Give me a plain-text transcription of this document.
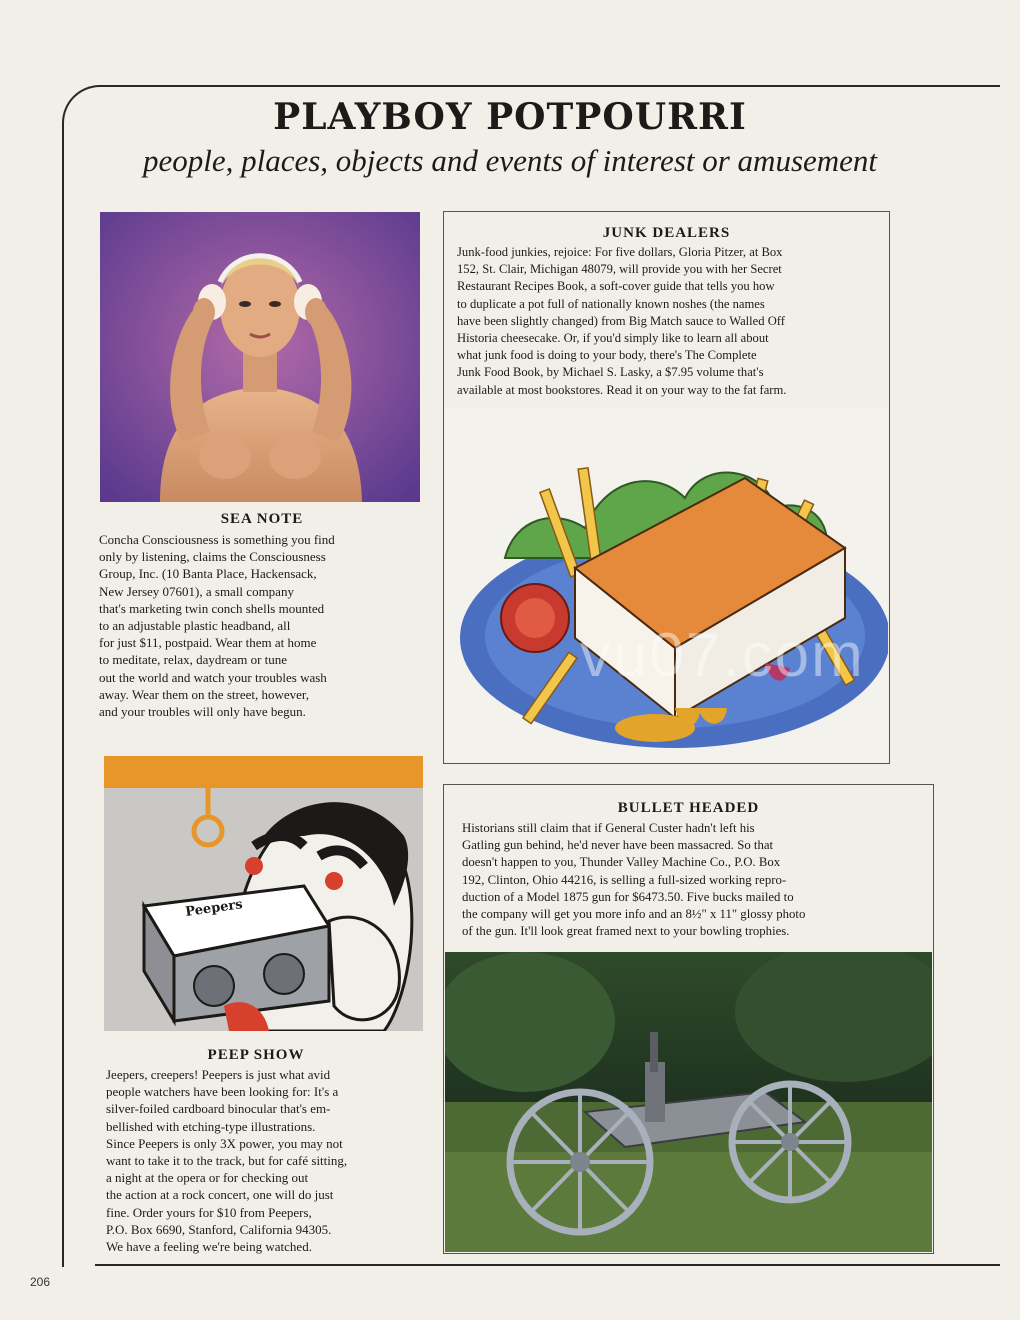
PLAYBOY POTPOURRI
people, places, objects and events of interest or amusement
SEA NOTE
Concha Consciousness is something you find
only by listening, claims the Consciousness
Group, Inc. (10 Banta Place, Hackensack,
New Jersey 07601), a small company
that's marketing twin conch shells mounted
to an adjustable plastic headband, all
for just $11, postpaid. Wear them at home
to meditate, relax, daydream or tune
out the world and watch your troubles wash
away. Wear them on the street, however,
and your troubles will only have begun.
JUNK DEALERS
Junk-food junkies, rejoice: For five dollars, Gloria Pitzer, at Box
152, St. Clair, Michigan 48079, will provide you with her Secret
Restaurant Recipes Book, a soft-cover guide that tells you how
to duplicate a pot full of nationally known noshes (the names
have been slightly changed) from Big Match sauce to Walled Off
Historia cheesecake. Or, if you'd simply like to learn all about
what junk food is doing to your body, there's The Complete
Junk Food Book, by Michael S. Lasky, a $7.95 volume that's
available at most bookstores. Read it on your way to the fat farm.
Peepers
PEEP SHOW
Jeepers, creepers! Peepers is just what avid
people watchers have been looking for: It's a
silver-foiled cardboard binocular that's em-
bellished with etching-type illustrations.
Since Peepers is only 3X power, you may not
want to take it to the track, but for café sitting,
a night at the opera or for checking out
the action at a rock concert, one will do just
fine. Order yours for $10 from Peepers,
P.O. Box 6690, Stanford, California 94305.
We have a feeling we're being watched.
BULLET HEADED
Historians still claim that if General Custer hadn't left his
Gatling gun behind, he'd never have been massacred. So that
doesn't happen to you, Thunder Valley Machine Co., P.O. Box
192, Clinton, Ohio 44216, is selling a full-sized working repro-
duction of a Model 1875 gun for $6473.50. Five bucks mailed to
the company will get you more info and an 8½" x 11" glossy photo
of the gun. It'll look great framed next to your bowling trophies.
vu07.com
206
